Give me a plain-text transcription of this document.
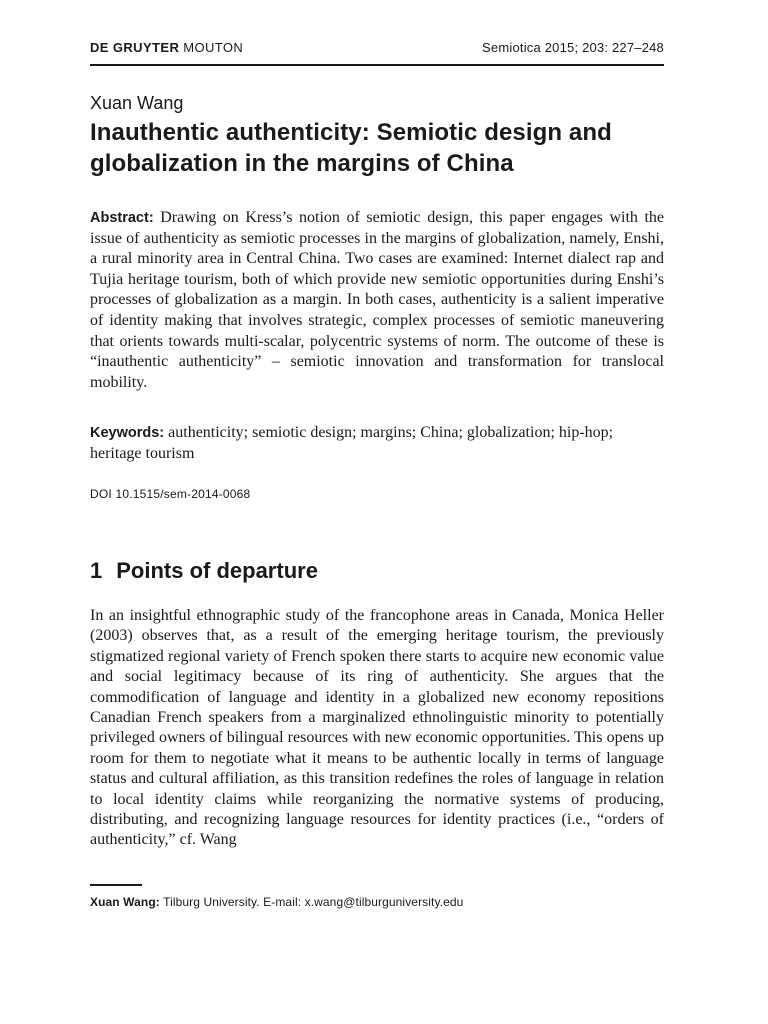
DE GRUYTER MOUTON	Semiotica 2015; 203: 227–248
Xuan Wang
Inauthentic authenticity: Semiotic design and globalization in the margins of China

Abstract: Drawing on Kress’s notion of semiotic design, this paper engages with the issue of authenticity as semiotic processes in the margins of globalization, namely, Enshi, a rural minority area in Central China. Two cases are examined: Internet dialect rap and Tujia heritage tourism, both of which provide new semiotic opportunities during Enshi’s processes of globalization as a margin. In both cases, authenticity is a salient imperative of identity making that involves strategic, complex processes of semiotic maneuvering that orients towards multi-scalar, polycentric systems of norm. The outcome of these is “inauthentic authenticity” – semiotic innovation and transformation for translocal mobility.

Keywords: authenticity; semiotic design; margins; China; globalization; hip-hop; heritage tourism

DOI 10.1515/sem-2014-0068
1 Points of departure

In an insightful ethnographic study of the francophone areas in Canada, Monica Heller (2003) observes that, as a result of the emerging heritage tourism, the previously stigmatized regional variety of French spoken there starts to acquire new economic value and social legitimacy because of its ring of authenticity. She argues that the commodification of language and identity in a globalized new economy repositions Canadian French speakers from a marginalized ethnolinguistic minority to potentially privileged owners of bilingual resources with new economic opportunities. This opens up room for them to negotiate what it means to be authentic locally in terms of language status and cultural affiliation, as this transition redefines the roles of language in relation to local identity claims while reorganizing the normative systems of producing, distributing, and recognizing language resources for identity practices (i.e., “orders of authenticity,” cf. Wang

Xuan Wang: Tilburg University. E-mail: x.wang@tilburguniversity.edu
